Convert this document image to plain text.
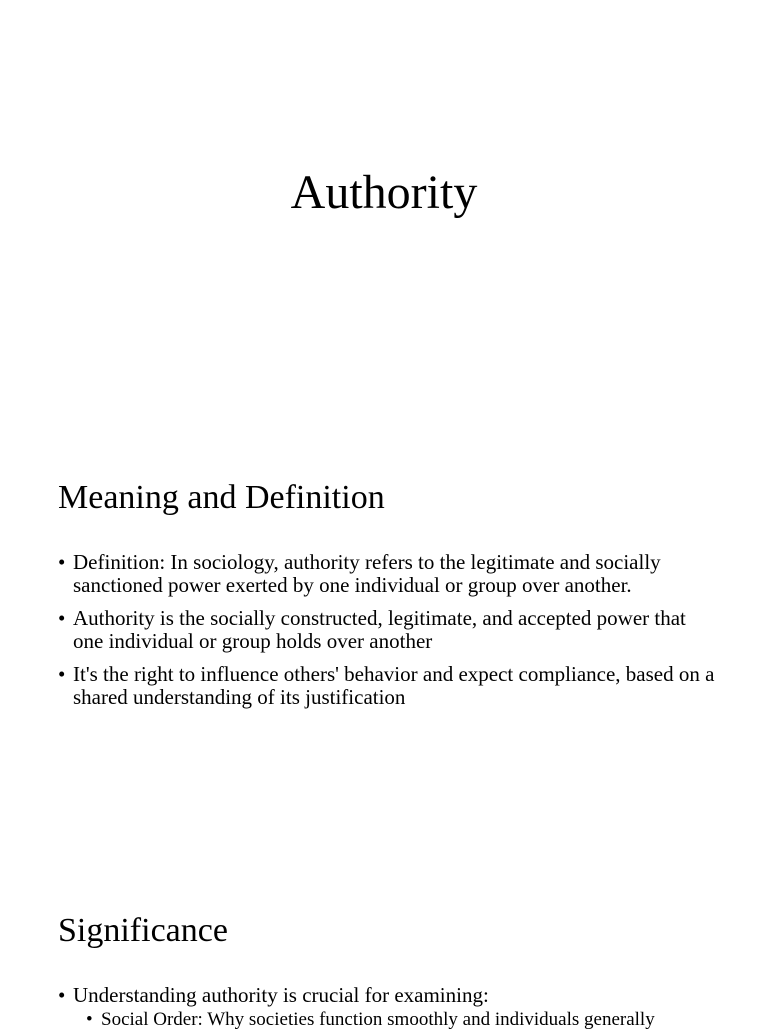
Authority
Meaning and Definition
• Definition: In sociology, authority refers to the legitimate and socially sanctioned power exerted by one individual or group over another.
• Authority is the socially constructed, legitimate, and accepted power that one individual or group holds over another
• It's the right to influence others' behavior and expect compliance, based on a shared understanding of its justification
Significance
• Understanding authority is crucial for examining:
• Social Order: Why societies function smoothly and individuals generally
